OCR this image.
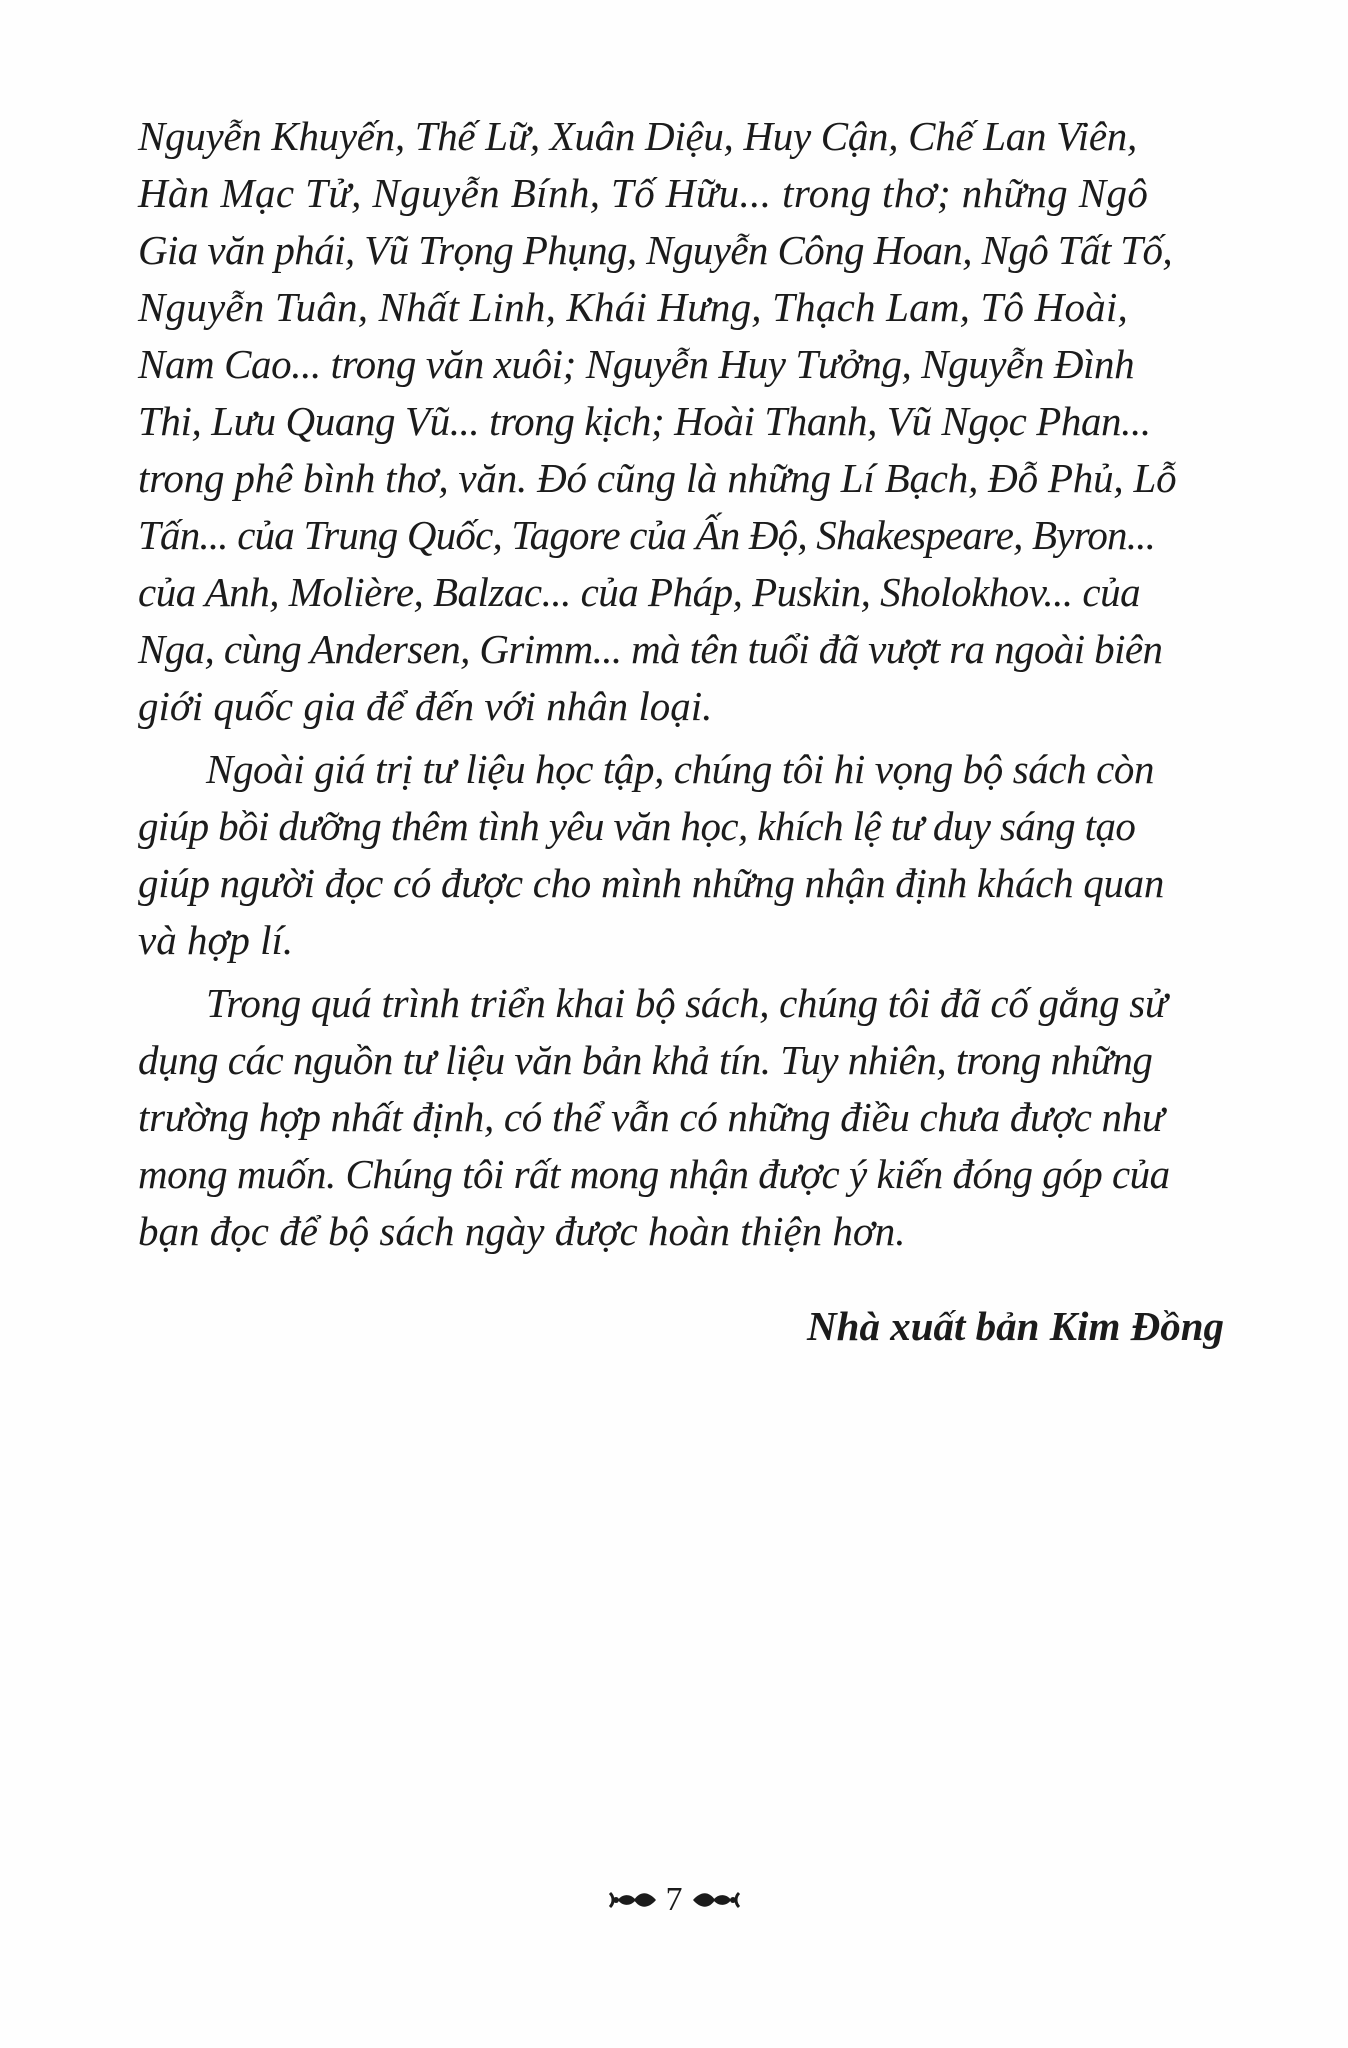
Nguyễn Khuyến, Thế Lữ, Xuân Diệu, Huy Cận, Chế Lan Viên,
Hàn Mạc Tử, Nguyễn Bính, Tố Hữu... trong thơ; những Ngô
Gia văn phái, Vũ Trọng Phụng, Nguyễn Công Hoan, Ngô Tất Tố,
Nguyễn Tuân, Nhất Linh, Khái Hưng, Thạch Lam, Tô Hoài,
Nam Cao... trong văn xuôi; Nguyễn Huy Tưởng, Nguyễn Đình
Thi, Lưu Quang Vũ... trong kịch; Hoài Thanh, Vũ Ngọc Phan...
trong phê bình thơ, văn. Đó cũng là những Lí Bạch, Đỗ Phủ, Lỗ
Tấn... của Trung Quốc, Tagore của Ấn Độ, Shakespeare, Byron...
của Anh, Molière, Balzac... của Pháp, Puskin, Sholokhov... của
Nga, cùng Andersen, Grimm... mà tên tuổi đã vượt ra ngoài biên
giới quốc gia để đến với nhân loại.
Ngoài giá trị tư liệu học tập, chúng tôi hi vọng bộ sách còn
giúp bồi dưỡng thêm tình yêu văn học, khích lệ tư duy sáng tạo
giúp người đọc có được cho mình những nhận định khách quan
và hợp lí.
Trong quá trình triển khai bộ sách, chúng tôi đã cố gắng sử
dụng các nguồn tư liệu văn bản khả tín. Tuy nhiên, trong những
trường hợp nhất định, có thể vẫn có những điều chưa được như
mong muốn. Chúng tôi rất mong nhận được ý kiến đóng góp của
bạn đọc để bộ sách ngày được hoàn thiện hơn.
Nhà xuất bản Kim Đồng
7
